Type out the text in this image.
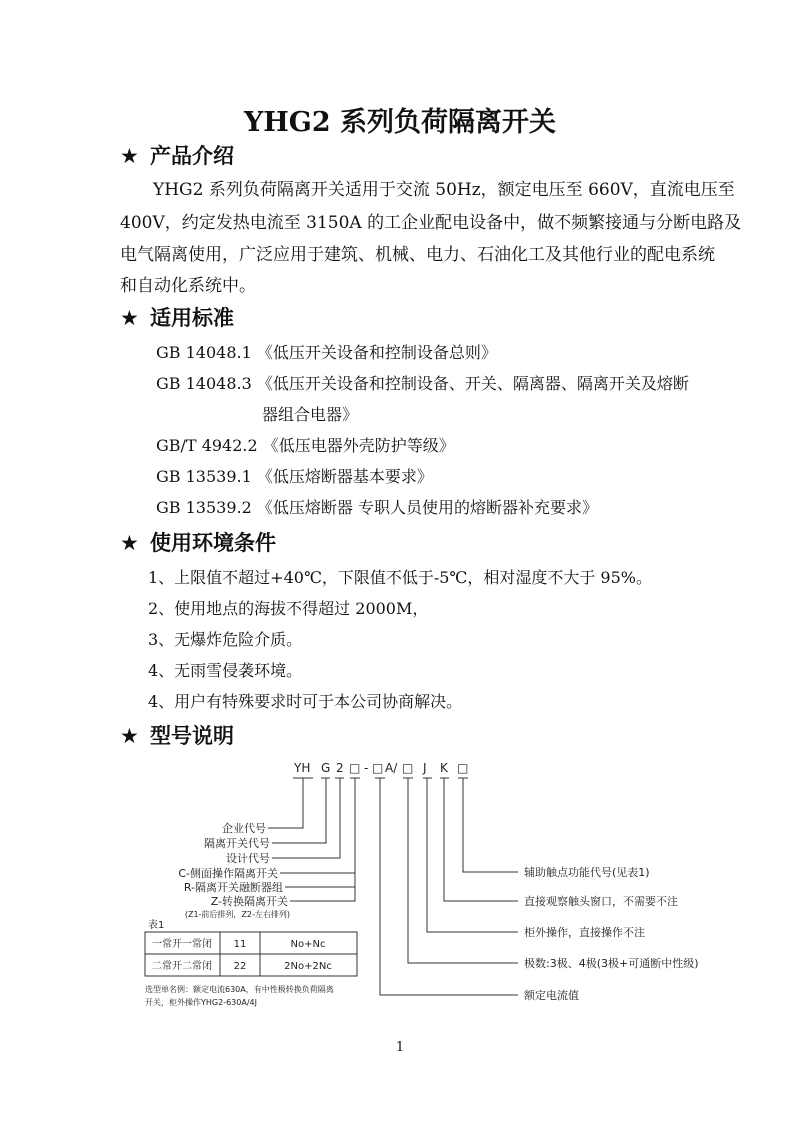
YHG2 系列负荷隔离开关
★ 产品介绍
YHG2 系列负荷隔离开关适用于交流 50Hz，额定电压至 660V，直流电压至
400V，约定发热电流至 3150A 的工企业配电设备中，做不频繁接通与分断电路及
电气隔离使用，广泛应用于建筑、机械、电力、石油化工及其他行业的配电系统
和自动化系统中。
★ 适用标准
GB 14048.1 《低压开关设备和控制设备总则》
GB 14048.3 《低压开关设备和控制设备、开关、隔离器、隔离开关及熔断
器组合电器》
GB/T 4942.2 《低压电器外壳防护等级》
GB 13539.1 《低压熔断器基本要求》
GB 13539.2 《低压熔断器 专职人员使用的熔断器补充要求》
★ 使用环境条件
1、上限值不超过+40℃，下限值不低于-5℃，相对湿度不大于 95%。
2、使用地点的海拔不得超过 2000M，
3、无爆炸危险介质。
4、无雨雪侵袭环境。
4、用户有特殊要求时可于本公司协商解决。
★ 型号说明
YH G 2 □ - □ A/ □ J K □
企业代号
隔离开关代号
设计代号
C-侧面操作隔离开关
R-隔离开关融断器组
Z-转换隔离开关
(Z1-前后排列，Z2-左右排列)
辅助触点功能代号(见表1)
直接观察触头窗口，不需要不注
柜外操作，直接操作不注
极数:3极、4极(3极+可通断中性级)
额定电流值
表1
一常开一常闭 11	No+Nc
二常开二常闭 22	2No+2Nc
选型单名例：额定电流630A，有中性极转换负荷隔离
开关，柜外操作YHG2-630A/4J
1
